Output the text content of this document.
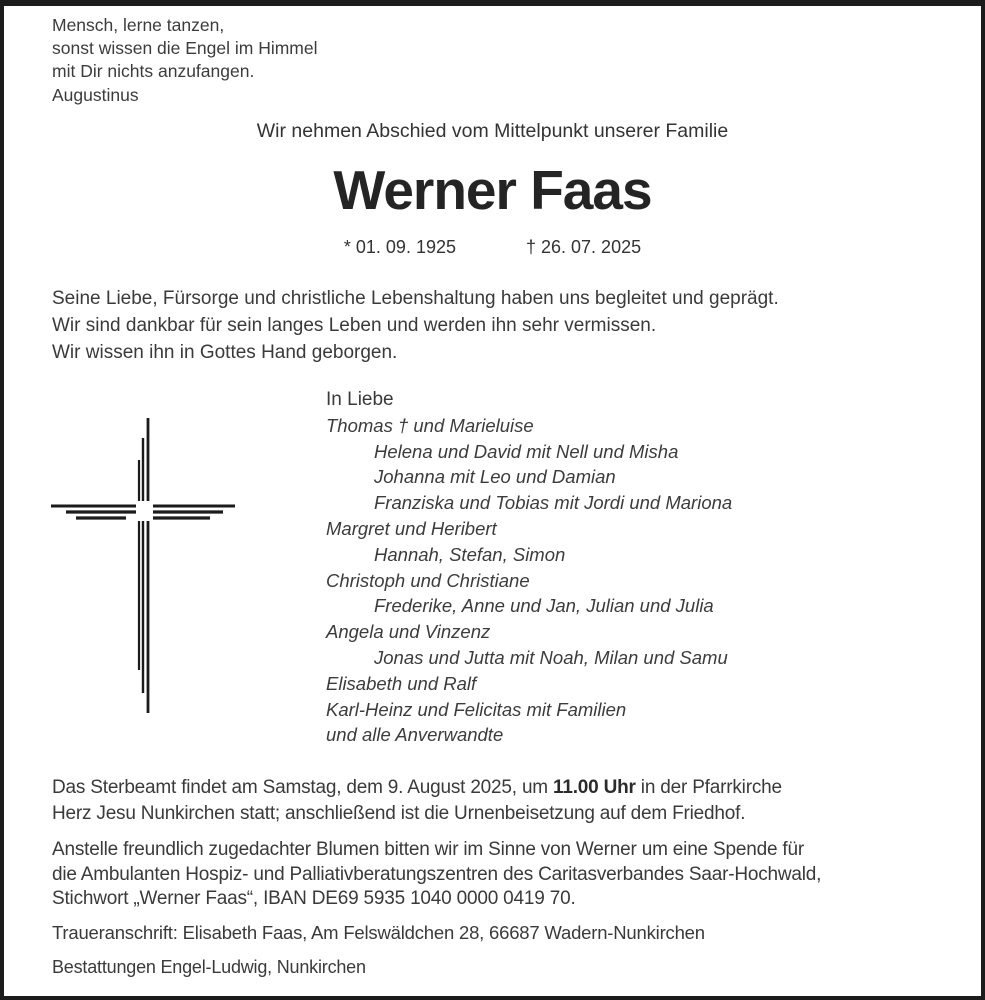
Mensch, lerne tanzen,
sonst wissen die Engel im Himmel
mit Dir nichts anzufangen.
Augustinus
Wir nehmen Abschied vom Mittelpunkt unserer Familie
Werner Faas
* 01. 09. 1925	† 26. 07. 2025
Seine Liebe, Fürsorge und christliche Lebenshaltung haben uns begleitet und geprägt.
Wir sind dankbar für sein langes Leben und werden ihn sehr vermissen.
Wir wissen ihn in Gottes Hand geborgen.
In Liebe
Thomas † und Marieluise
Helena und David mit Nell und Misha
Johanna mit Leo und Damian
Franziska und Tobias mit Jordi und Mariona
Margret und Heribert
Hannah, Stefan, Simon
Christoph und Christiane
Frederike, Anne und Jan, Julian und Julia
Angela und Vinzenz
Jonas und Jutta mit Noah, Milan und Samu
Elisabeth und Ralf
Karl-Heinz und Felicitas mit Familien
und alle Anverwandte

Das Sterbeamt findet am Samstag, dem 9. August 2025, um 11.00 Uhr in der Pfarrkirche
Herz Jesu Nunkirchen statt; anschließend ist die Urnenbeisetzung auf dem Friedhof.

Anstelle freundlich zugedachter Blumen bitten wir im Sinne von Werner um eine Spende für
die Ambulanten Hospiz- und Palliativberatungszentren des Caritasverbandes Saar-Hochwald,
Stichwort „Werner Faas“, IBAN DE69 5935 1040 0000 0419 70.

Traueranschrift: Elisabeth Faas, Am Felswäldchen 28, 66687 Wadern-Nunkirchen

Bestattungen Engel-Ludwig, Nunkirchen
